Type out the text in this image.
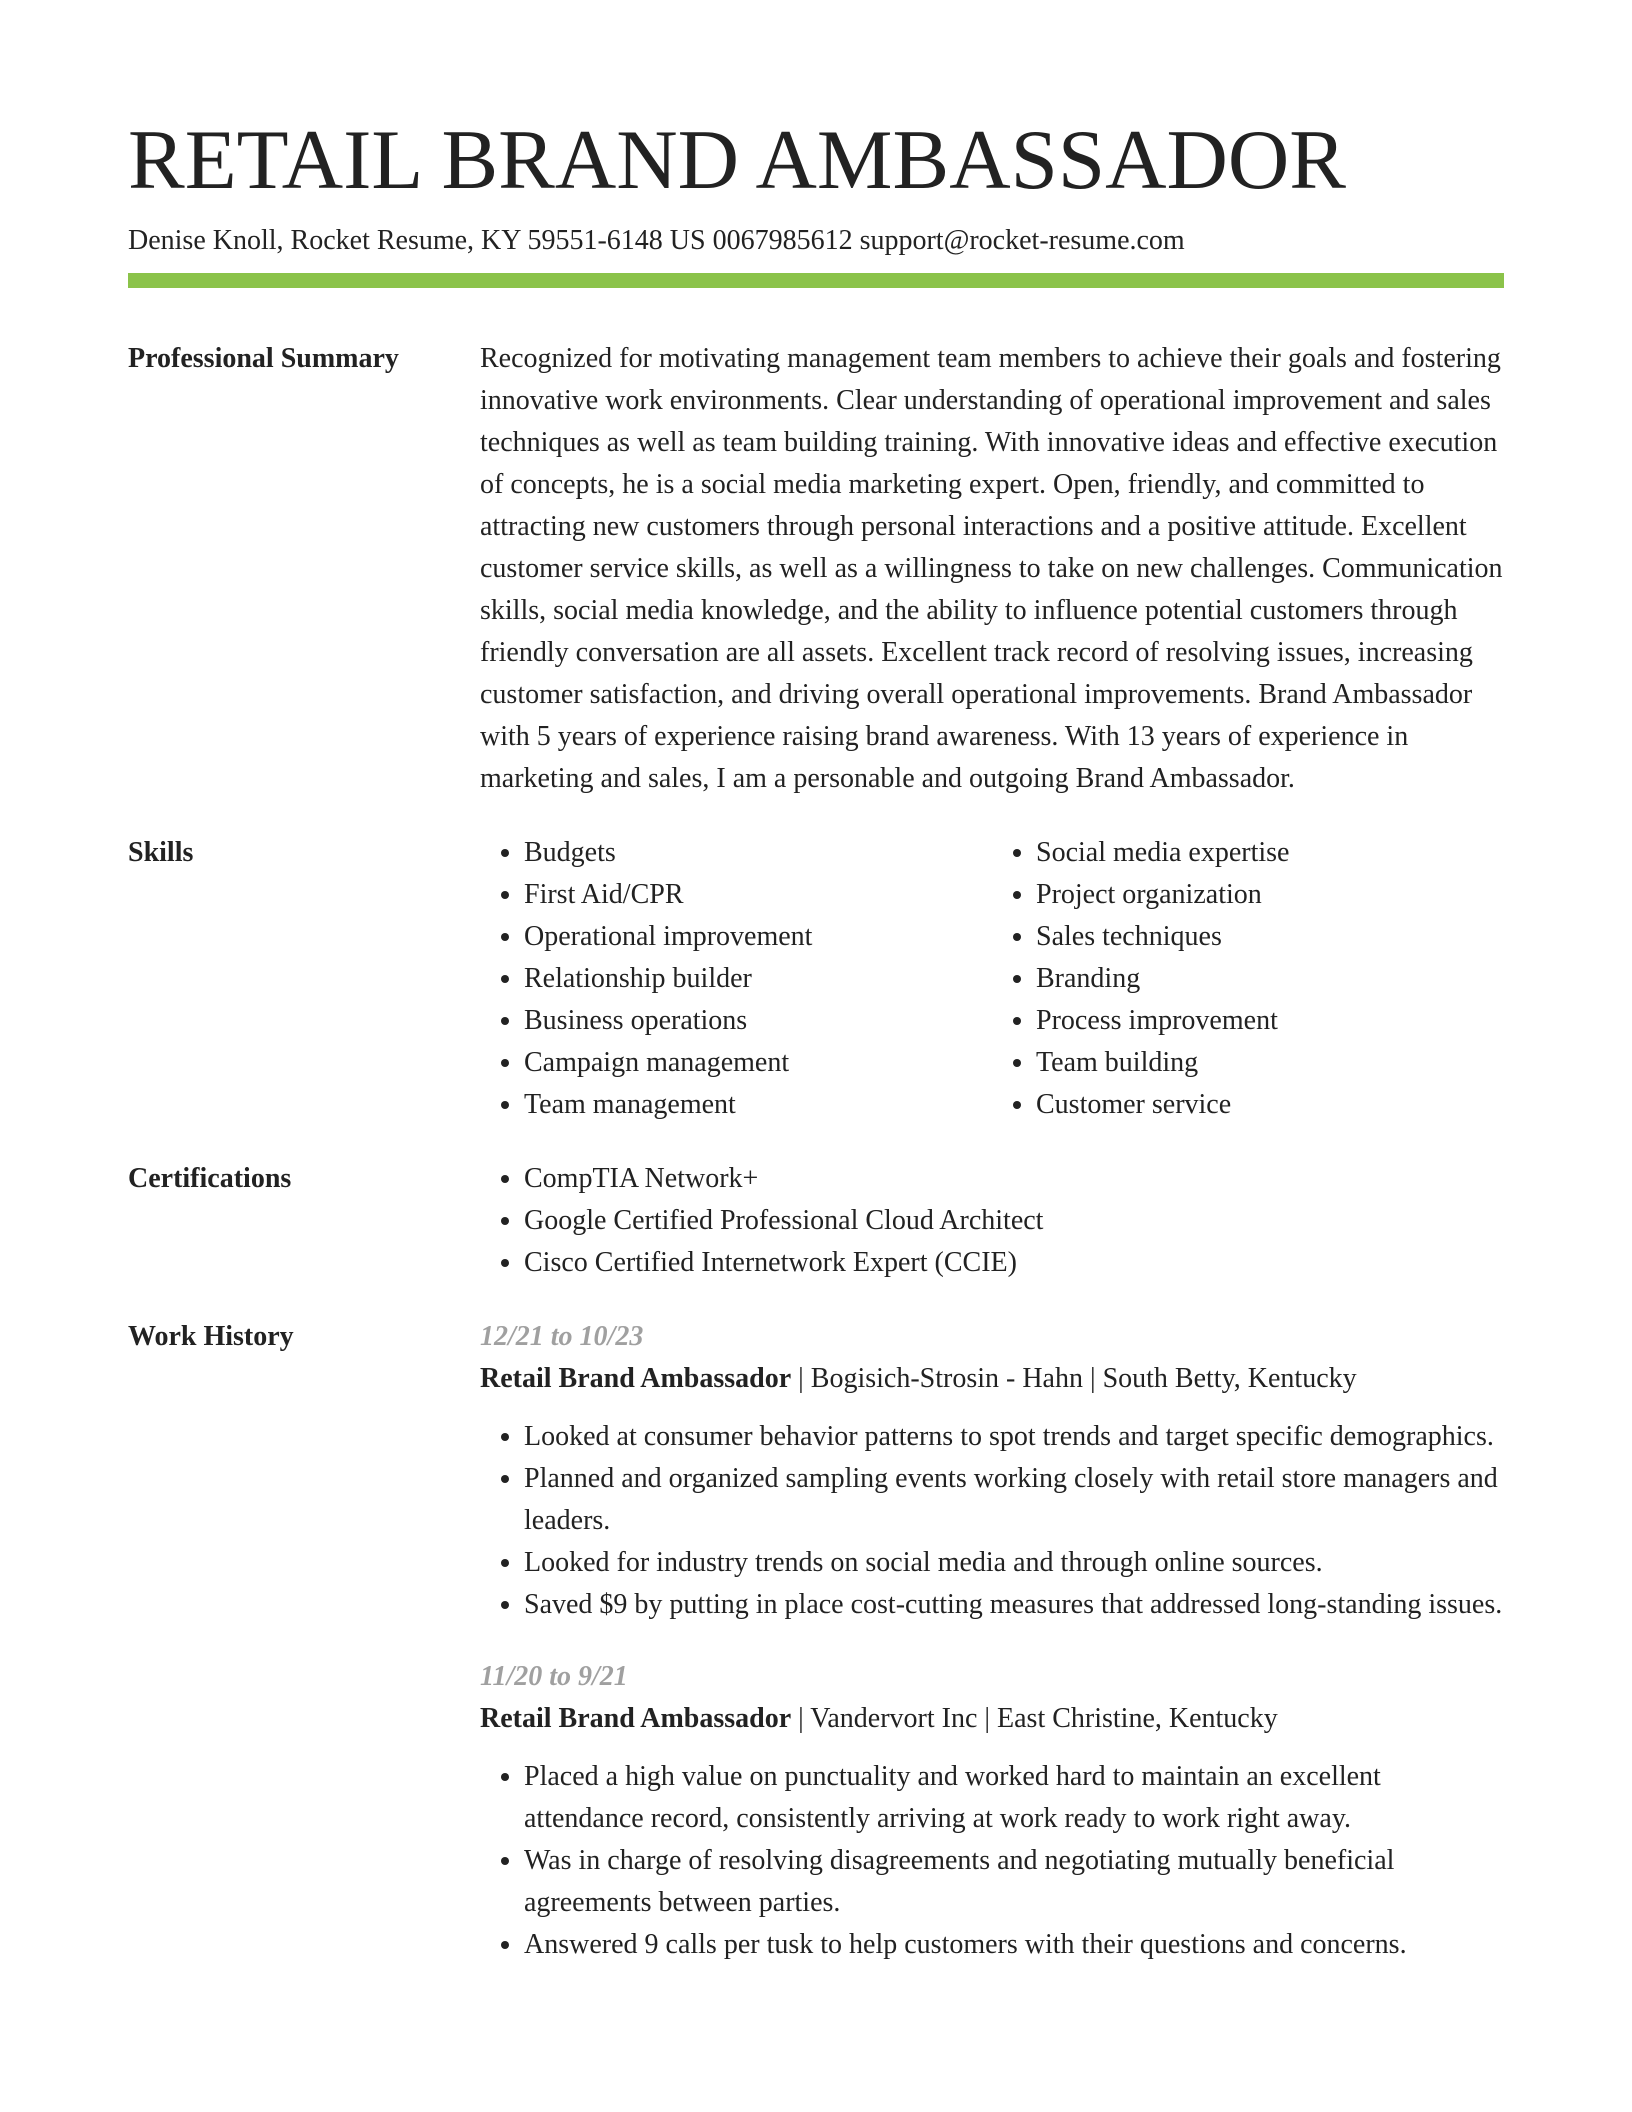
RETAIL BRAND AMBASSADOR
Denise Knoll, Rocket Resume, KY 59551-6148 US 0067985612 support@rocket-resume.com
Professional Summary	Recognized for motivating management team members to achieve their goals and fostering innovative work environments. Clear understanding of operational improvement and sales techniques as well as team building training. With innovative ideas and effective execution of concepts, he is a social media marketing expert. Open, friendly, and committed to attracting new customers through personal interactions and a positive attitude. Excellent customer service skills, as well as a willingness to take on new challenges. Communication skills, social media knowledge, and the ability to influence potential customers through friendly conversation are all assets. Excellent track record of resolving issues, increasing customer satisfaction, and driving overall operational improvements. Brand Ambassador with 5 years of experience raising brand awareness. With 13 years of experience in marketing and sales, I am a personable and outgoing Brand Ambassador.
Skills	• Budgets
• First Aid/CPR
• Operational improvement
• Relationship builder
• Business operations
• Campaign management
• Team management
• Social media expertise
• Project organization
• Sales techniques
• Branding
• Process improvement
• Team building
• Customer service
Certifications	• CompTIA Network+
• Google Certified Professional Cloud Architect
• Cisco Certified Internetwork Expert (CCIE)
Work History	12/21 to 10/23
Retail Brand Ambassador | Bogisich-Strosin - Hahn | South Betty, Kentucky
• Looked at consumer behavior patterns to spot trends and target specific demographics.
• Planned and organized sampling events working closely with retail store managers and leaders.
• Looked for industry trends on social media and through online sources.
• Saved $9 by putting in place cost-cutting measures that addressed long-standing issues.
11/20 to 9/21
Retail Brand Ambassador | Vandervort Inc | East Christine, Kentucky
• Placed a high value on punctuality and worked hard to maintain an excellent attendance record, consistently arriving at work ready to work right away.
• Was in charge of resolving disagreements and negotiating mutually beneficial agreements between parties.
• Answered 9 calls per tusk to help customers with their questions and concerns.
